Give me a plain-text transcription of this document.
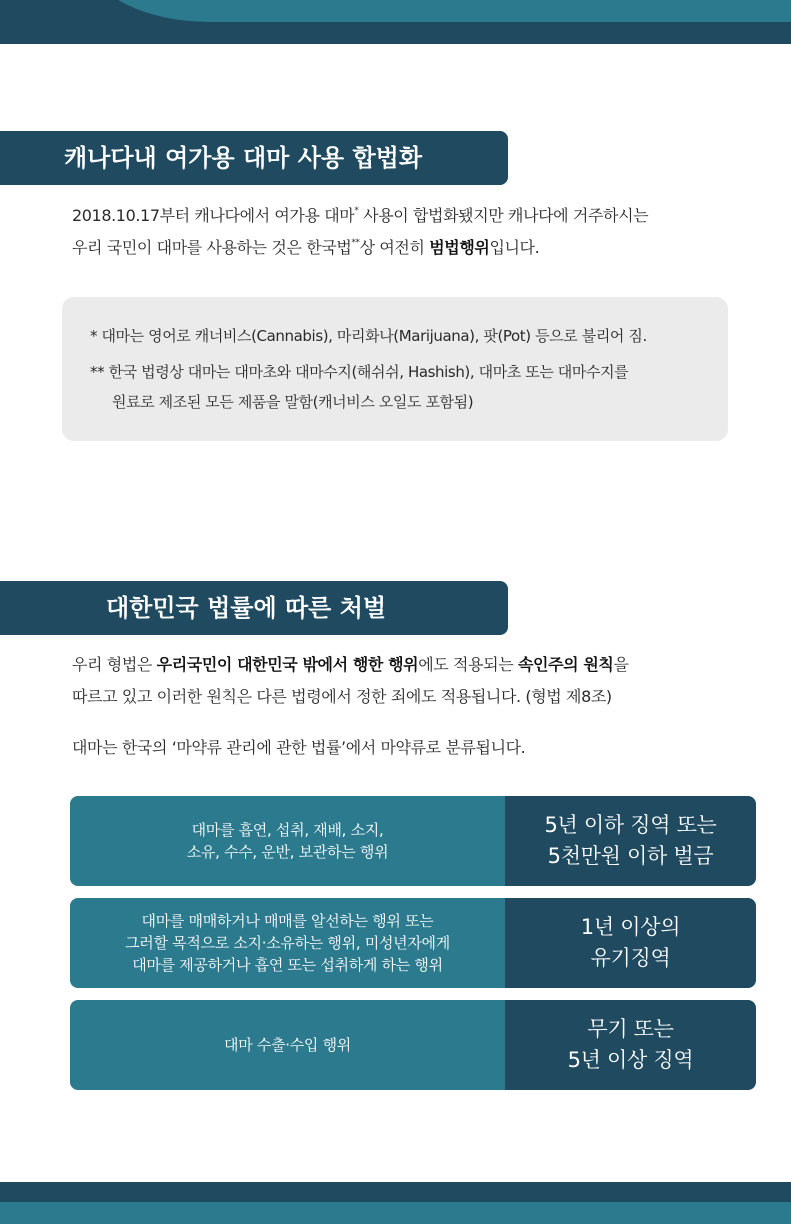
캐나다내 여가용 대마 사용 합법화
2018.10.17부터 캐나다에서 여가용 대마* 사용이 합법화됐지만 캐나다에 거주하시는
우리 국민이 대마를 사용하는 것은 한국법**상 여전히 범법행위입니다.
* 대마는 영어로 캐너비스(Cannabis), 마리화나(Marijuana), 팟(Pot) 등으로 불리어 짐.
** 한국 법령상 대마는 대마초와 대마수지(해쉬쉬, Hashish), 대마초 또는 대마수지를
원료로 제조된 모든 제품을 말함(캐너비스 오일도 포함됨)
대한민국 법률에 따른 처벌
우리 형법은 우리국민이 대한민국 밖에서 행한 행위에도 적용되는 속인주의 원칙을
따르고 있고 이러한 원칙은 다른 법령에서 정한 죄에도 적용됩니다. (형법 제8조)
대마는 한국의 ‘마약류 관리에 관한 법률’에서 마약류로 분류됩니다.
대마를 흡연, 섭취, 재배, 소지,
소유, 수수, 운반, 보관하는 행위
5년 이하 징역 또는
5천만원 이하 벌금
대마를 매매하거나 매매를 알선하는 행위 또는
그러할 목적으로 소지·소유하는 행위, 미성년자에게
대마를 제공하거나 흡연 또는 섭취하게 하는 행위
1년 이상의
유기징역
대마 수출·수입 행위
무기 또는
5년 이상 징역
